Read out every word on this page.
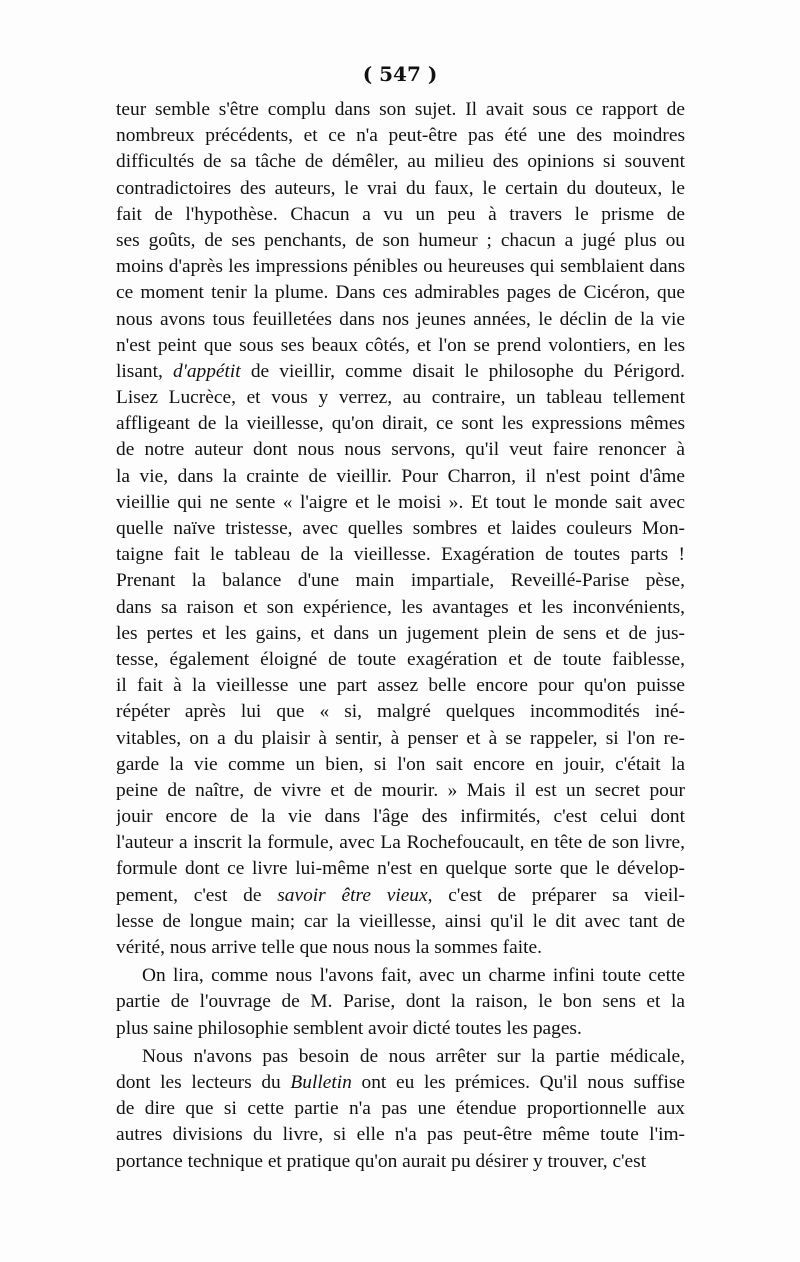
( 547 )
teur semble s'être complu dans son sujet. Il avait sous ce rapport de
nombreux précédents, et ce n'a peut-être pas été une des moindres
difficultés de sa tâche de démêler, au milieu des opinions si souvent
contradictoires des auteurs, le vrai du faux, le certain du douteux, le
fait de l'hypothèse. Chacun a vu un peu à travers le prisme de
ses goûts, de ses penchants, de son humeur ; chacun a jugé plus ou
moins d'après les impressions pénibles ou heureuses qui semblaient dans
ce moment tenir la plume. Dans ces admirables pages de Cicéron, que
nous avons tous feuilletées dans nos jeunes années, le déclin de la vie
n'est peint que sous ses beaux côtés, et l'on se prend volontiers, en les
lisant, d'appétit de vieillir, comme disait le philosophe du Périgord.
Lisez Lucrèce, et vous y verrez, au contraire, un tableau tellement
affligeant de la vieillesse, qu'on dirait, ce sont les expressions mêmes
de notre auteur dont nous nous servons, qu'il veut faire renoncer à
la vie, dans la crainte de vieillir. Pour Charron, il n'est point d'âme
vieillie qui ne sente « l'aigre et le moisi ». Et tout le monde sait avec
quelle naïve tristesse, avec quelles sombres et laides couleurs Mon-
taigne fait le tableau de la vieillesse. Exagération de toutes parts !
Prenant la balance d'une main impartiale, Reveillé-Parise pèse,
dans sa raison et son expérience, les avantages et les inconvénients,
les pertes et les gains, et dans un jugement plein de sens et de jus-
tesse, également éloigné de toute exagération et de toute faiblesse,
il fait à la vieillesse une part assez belle encore pour qu'on puisse
répéter après lui que « si, malgré quelques incommodités iné-
vitables, on a du plaisir à sentir, à penser et à se rappeler, si l'on re-
garde la vie comme un bien, si l'on sait encore en jouir, c'était la
peine de naître, de vivre et de mourir. » Mais il est un secret pour
jouir encore de la vie dans l'âge des infirmités, c'est celui dont
l'auteur a inscrit la formule, avec La Rochefoucault, en tête de son livre,
formule dont ce livre lui-même n'est en quelque sorte que le dévelop-
pement, c'est de savoir être vieux, c'est de préparer sa vieil-
lesse de longue main; car la vieillesse, ainsi qu'il le dit avec tant de
vérité, nous arrive telle que nous nous la sommes faite.
On lira, comme nous l'avons fait, avec un charme infini toute cette
partie de l'ouvrage de M. Parise, dont la raison, le bon sens et la
plus saine philosophie semblent avoir dicté toutes les pages.
Nous n'avons pas besoin de nous arrêter sur la partie médicale,
dont les lecteurs du Bulletin ont eu les prémices. Qu'il nous suffise
de dire que si cette partie n'a pas une étendue proportionnelle aux
autres divisions du livre, si elle n'a pas peut-être même toute l'im-
portance technique et pratique qu'on aurait pu désirer y trouver, c'est
